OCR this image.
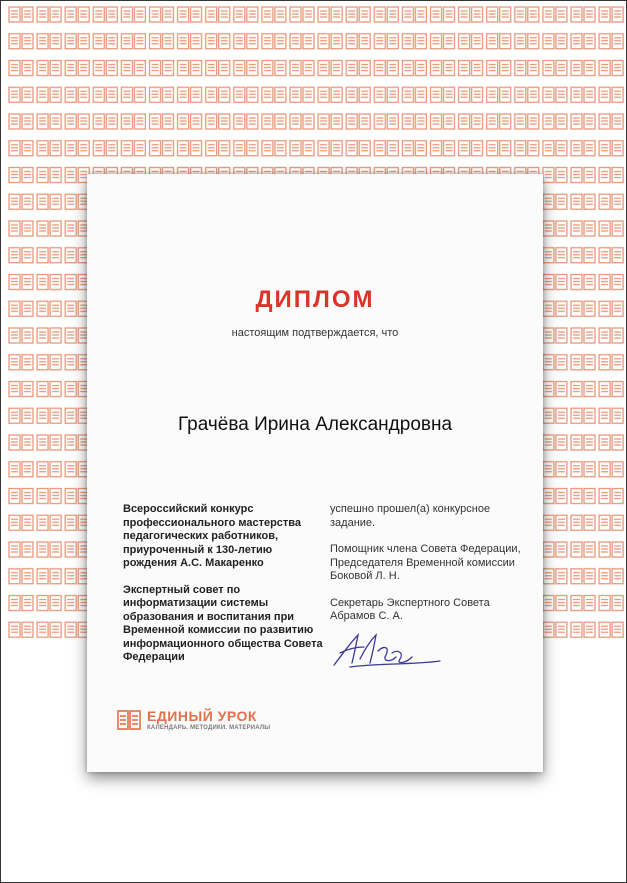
ДИПЛОМ
настоящим подтверждается, что
Грачёва Ирина Александровна

Всероссийский конкурс профессионального мастерства педагогических работников, приуроченный к 130-летию рождения А.С. Макаренко

Экспертный совет по информатизации системы образования и воспитания при Временной комиссии по развитию информационного общества Совета Федерации

успешно прошел(а) конкурсное задание.

Помощник члена Совета Федерации, Председателя Временной комиссии Боковой Л. Н.

Секретарь Экспертного Совета Абрамов С. А.

ЕДИНЫЙ УРОК
КАЛЕНДАРЬ. МЕТОДИКИ. МАТЕРИАЛЫ
